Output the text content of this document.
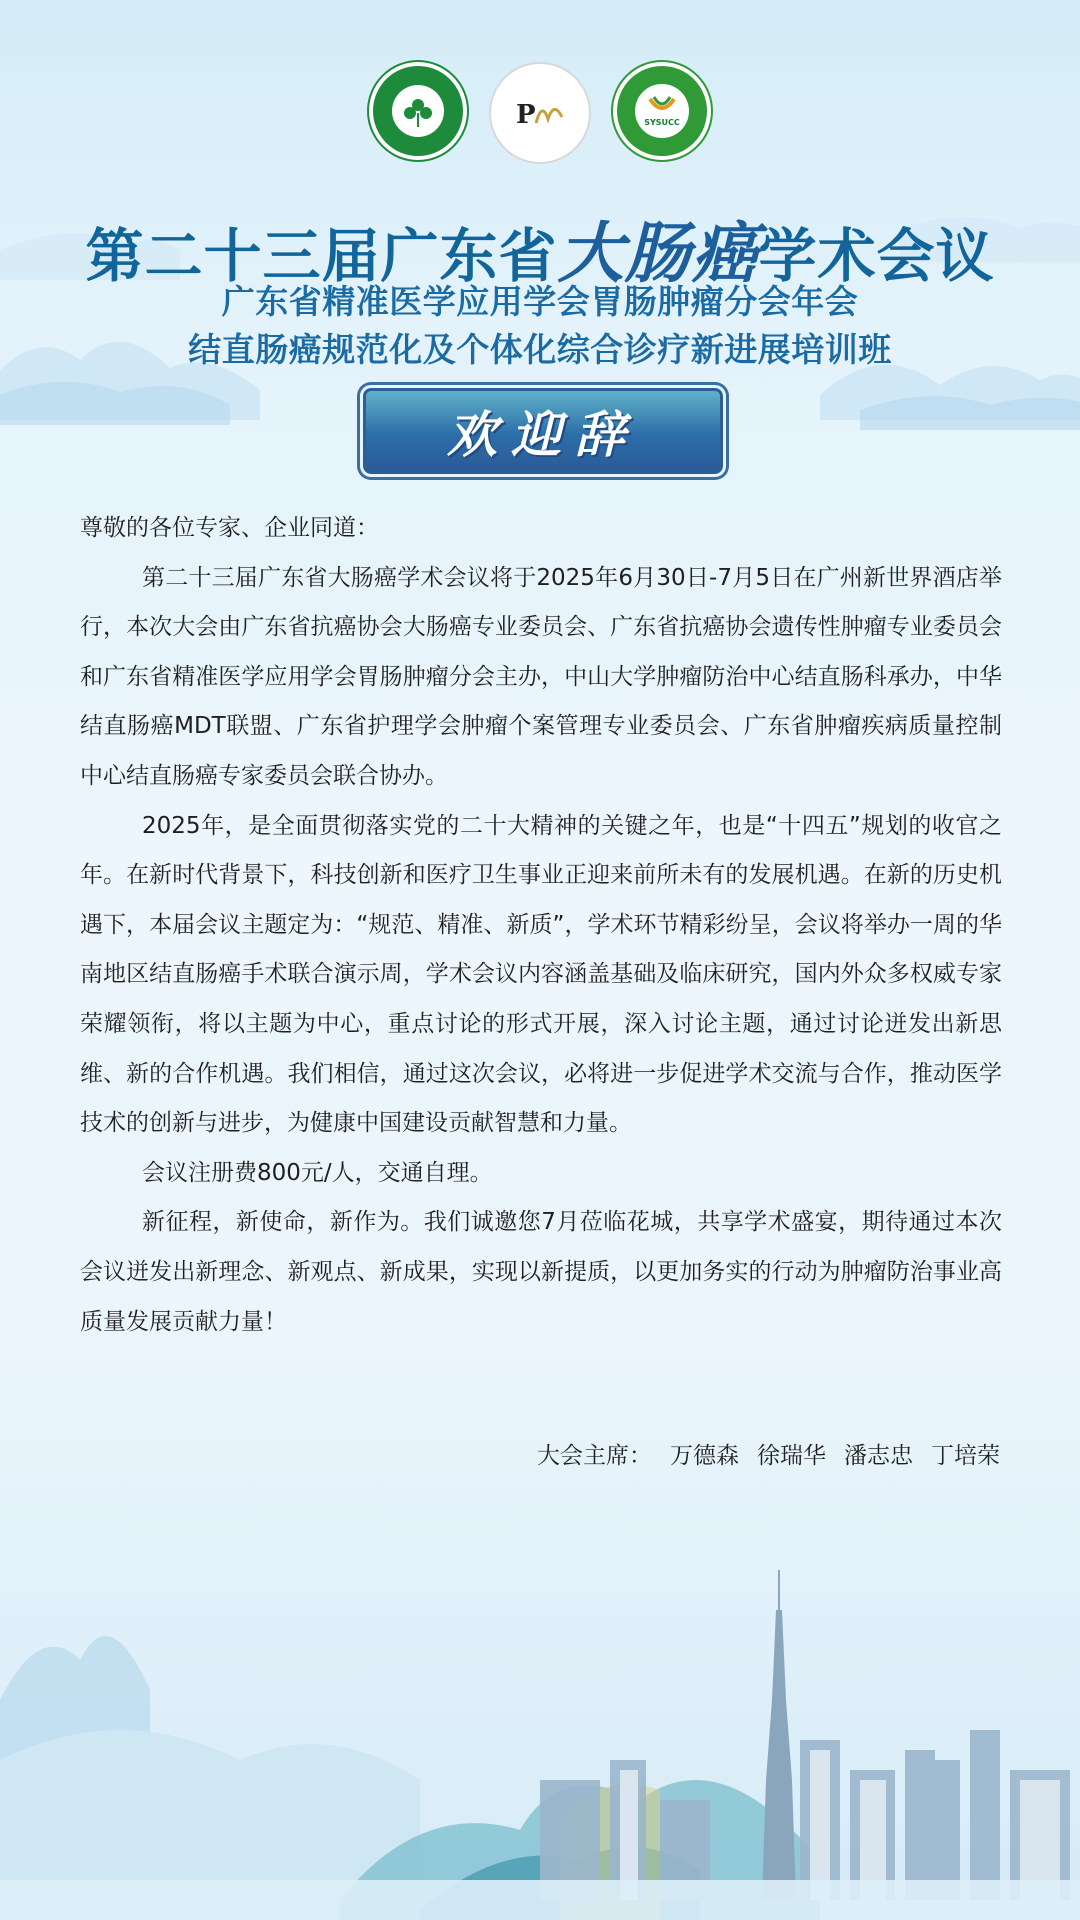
P	SYSUCC
第二十三届广东省大肠癌学术会议
广东省精准医学应用学会胃肠肿瘤分会年会
结直肠癌规范化及个体化综合诊疗新进展培训班
欢迎辞

尊敬的各位专家、企业同道：

第二十三届广东省大肠癌学术会议将于2025年6月30日-7月5日在广州新世界酒店举行，本次大会由广东省抗癌协会大肠癌专业委员会、广东省抗癌协会遗传性肿瘤专业委员会和广东省精准医学应用学会胃肠肿瘤分会主办，中山大学肿瘤防治中心结直肠科承办，中华结直肠癌MDT联盟、广东省护理学会肿瘤个案管理专业委员会、广东省肿瘤疾病质量控制中心结直肠癌专家委员会联合协办。

2025年，是全面贯彻落实党的二十大精神的关键之年，也是“十四五”规划的收官之年。在新时代背景下，科技创新和医疗卫生事业正迎来前所未有的发展机遇。在新的历史机遇下，本届会议主题定为：“规范、精准、新质”，学术环节精彩纷呈，会议将举办一周的华南地区结直肠癌手术联合演示周，学术会议内容涵盖基础及临床研究，国内外众多权威专家荣耀领衔，将以主题为中心，重点讨论的形式开展，深入讨论主题，通过讨论迸发出新思维、新的合作机遇。我们相信，通过这次会议，必将进一步促进学术交流与合作，推动医学技术的创新与进步，为健康中国建设贡献智慧和力量。

会议注册费800元/人，交通自理。

新征程，新使命，新作为。我们诚邀您7月莅临花城，共享学术盛宴，期待通过本次会议迸发出新理念、新观点、新成果，实现以新提质，以更加务实的行动为肿瘤防治事业高质量发展贡献力量！

大会主席： 万德森 徐瑞华 潘志忠 丁培荣
